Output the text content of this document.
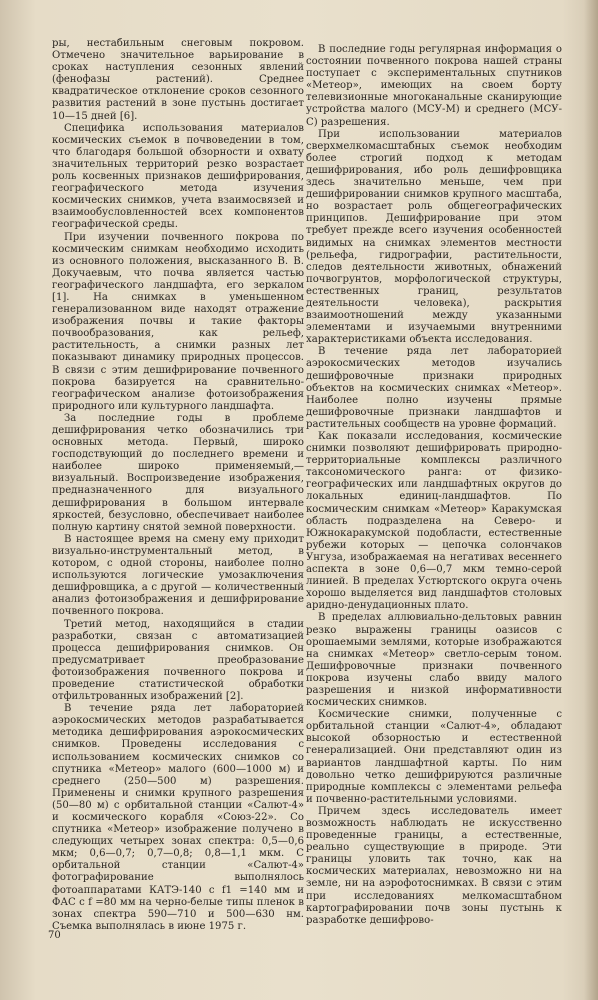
ры, нестабильным снеговым покровом. Отмечено значительное варьирование в сроках наступления сезонных явлений (фенофазы растений). Среднее квадратическое отклонение сроков сезонного развития растений в зоне пустынь достигает 10—15 дней [6].

Специфика использования материалов космических съемок в почвоведении в том, что благодаря большой обзорности и охвату значительных территорий резко возрастает роль косвенных признаков дешифрирования, географического метода изучения космических снимков, учета взаимосвязей и взаимообусловленностей всех компонентов географической среды.

При изучении почвенного покрова по космическим снимкам необходимо исходить из основного положения, высказанного В. В. Докучаевым, что почва является частью географического ландшафта, его зеркалом [1]. На снимках в уменьшенном генерализованном виде находят отражение изображения почвы и такие факторы почвообразования, как рельеф, растительность, а снимки разных лет показывают динамику природных процессов. В связи с этим дешифрирование почвенного покрова базируется на сравнительно-географическом анализе фотоизображения природного или культурного ландшафта.

За последние годы в проблеме дешифрирования четко обозначились три основных метода. Первый, широко господствующий до последнего времени и наиболее широко применяемый,—визуальный. Воспроизведение изображения, предназначенного для визуального дешифрирования в большом интервале яркостей, безусловно, обеспечивает наиболее полную картину снятой земной поверхности.

В настоящее время на смену ему приходит визуально-инструментальный метод, в котором, с одной стороны, наиболее полно используются логические умозаключения дешифровщика, а с другой — количественный анализ фотоизображения и дешифрирование почвенного покрова.

Третий метод, находящийся в стадии разработки, связан с автоматизацией процесса дешифрирования снимков. Он предусматривает преобразование фотоизображения почвенного покрова и проведение статистической обработки отфильтрованных изображений [2].

В течение ряда лет лабораторией аэрокосмических методов разрабатывается методика дешифрирования аэрокосмических снимков. Проведены исследования с использованием космических снимков со спутника «Метеор» малого (600—1000 м) и среднего (250—500 м) разрешения. Применены и снимки крупного разрешения (50—80 м) с орбитальной станции «Салют-4» и космического корабля «Союз-22». Со спутника «Метеор» изображение получено в следующих четырех зонах спектра: 0,5—0,6 мкм; 0,6—0,7; 0,7—0,8; 0,8—1,1 мкм. С орбитальной станции «Салют-4» фотографирование выполнялось фотоаппаратами КАТЭ-140 с f1 =140 мм и ФАС с f =80 мм на черно-белые типы пленок в зонах спектра 590—710 и 500—630 нм. Съемка выполнялась в июне 1975 г.

В последние годы регулярная информация о состоянии почвенного покрова нашей страны поступает с экспериментальных спутников «Метеор», имеющих на своем борту телевизионные многоканальные сканирующие устройства малого (МСУ-М) и среднего (МСУ-С) разрешения.

При использовании материалов сверхмелкомасштабных съемок необходим более строгий подход к методам дешифрирования, ибо роль дешифровщика здесь значительно меньше, чем при дешифрировании снимков крупного масштаба, но возрастает роль общегеографических принципов. Дешифрирование при этом требует прежде всего изучения особенностей видимых на снимках элементов местности (рельефа, гидрографии, растительности, следов деятельности животных, обнажений почвогрунтов, морфологической структуры, естественных границ, результатов деятельности человека), раскрытия взаимоотношений между указанными элементами и изучаемыми внутренними характеристиками объекта исследования.

В течение ряда лет лабораторией аэрокосмических методов изучались дешифровочные признаки природных объектов на космических снимках «Метеор». Наиболее полно изучены прямые дешифровочные признаки ландшафтов и растительных сообществ на уровне формаций.

Как показали исследования, космические снимки позволяют дешифрировать природно-территориальные комплексы различного таксономического ранга: от физико-географических или ландшафтных округов до локальных единиц-ландшафтов. По космическим снимкам «Метеор» Каракумская область подразделена на Северо- и Южнокаракумской подобласти, естественные рубежи которых — цепочка солончаков Унгуза, изображаемая на негативах весеннего аспекта в зоне 0,6—0,7 мкм темно-серой линией. В пределах Устюртского округа очень хорошо выделяется вид ландшафтов столовых аридно-денудационных плато.

В пределах аллювиально-дельтовых равнин резко выражены границы оазисов с орошаемыми землями, которые изображаются на снимках «Метеор» светло-серым тоном. Дешифровочные признаки почвенного покрова изучены слабо ввиду малого разрешения и низкой информативности космических снимков.

Космические снимки, полученные с орбитальной станции «Салют-4», обладают высокой обзорностью и естественной генерализацией. Они представляют один из вариантов ландшафтной карты. По ним довольно четко дешифрируются различные природные комплексы с элементами рельефа и почвенно-растительными условиями.

Причем здесь исследователь имеет возможность наблюдать не искусственно проведенные границы, а естественные, реально существующие в природе. Эти границы уловить так точно, как на космических материалах, невозможно ни на земле, ни на аэрофотоснимках. В связи с этим при исследованиях мелкомасштабном картографировании почв зоны пустынь к разработке дешифрово-

70
